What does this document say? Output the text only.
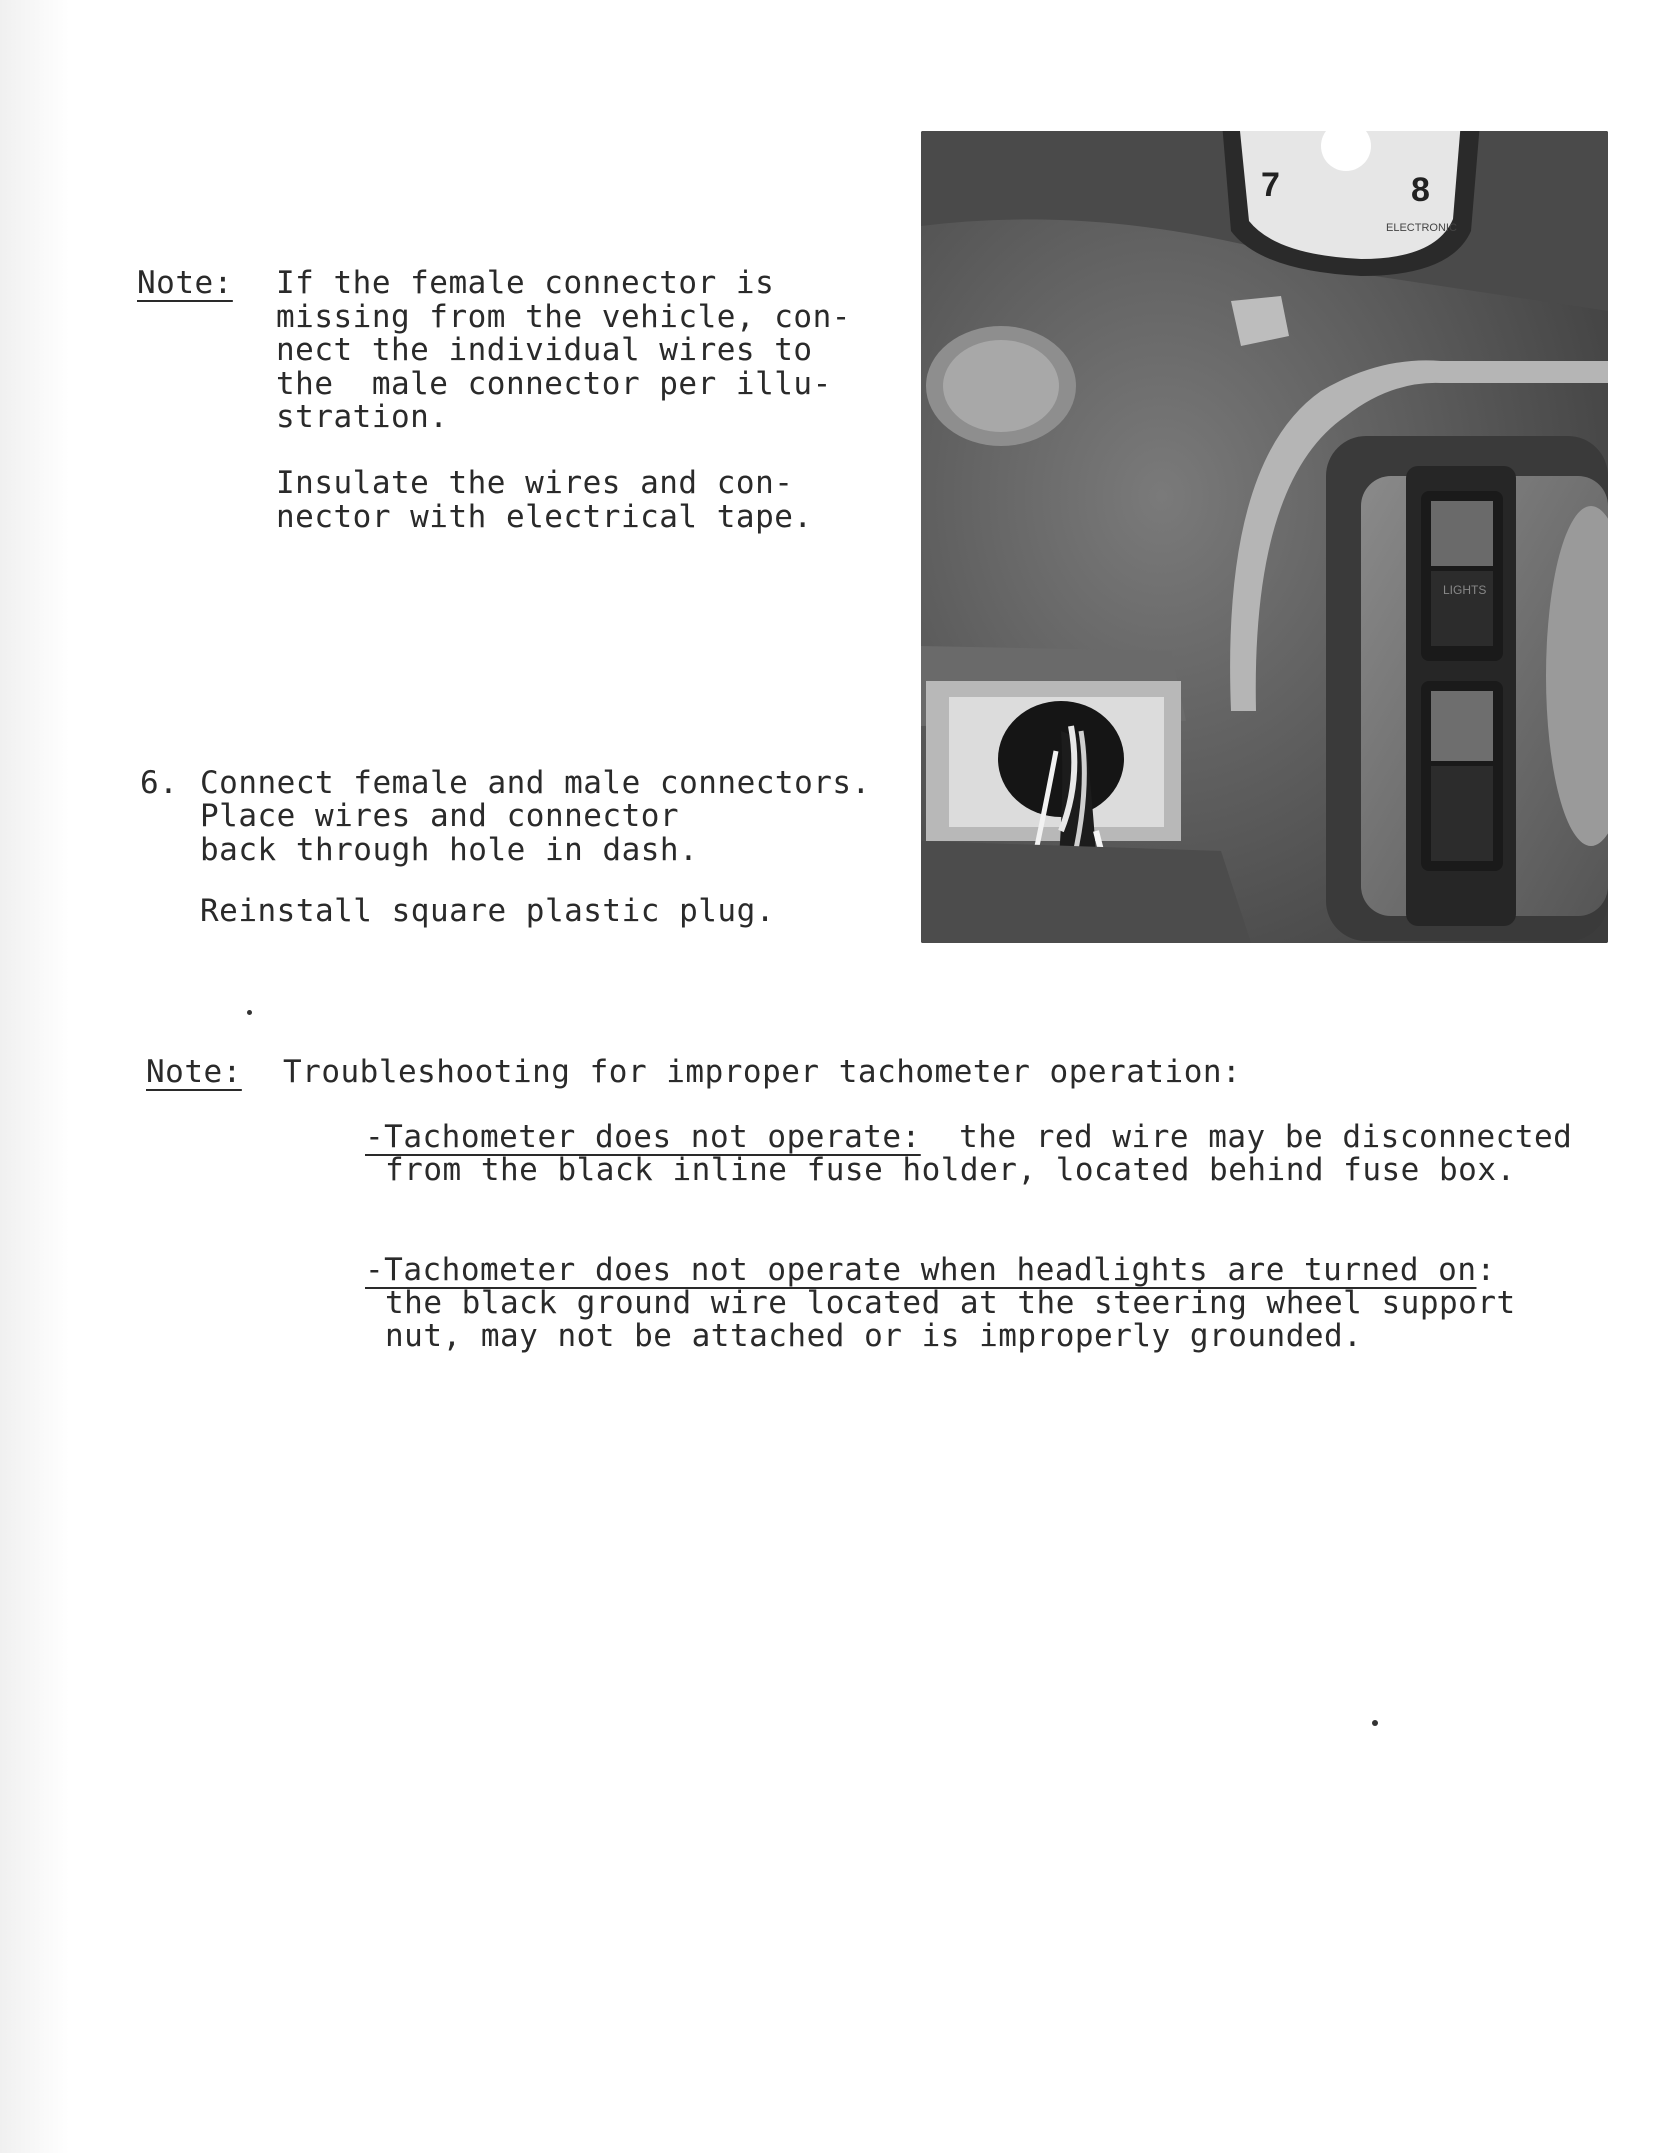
Note: If the female connector is
missing from the vehicle, con-
nect the individual wires to
the  male connector per illu-
stration.
Insulate the wires and con-
nector with electrical tape.
6. Connect female and male connectors.
Place wires and connector
back through hole in dash.
Reinstall square plastic plug.
ELECTRONIC
7	8
LIGHTS
Note: Troubleshooting for improper tachometer operation:
-Tachometer does not operate:  the red wire may be disconnected
from the black inline fuse holder, located behind fuse box.
-Tachometer does not operate when headlights are turned on:
the black ground wire located at the steering wheel support
nut, may not be attached or is improperly grounded.
